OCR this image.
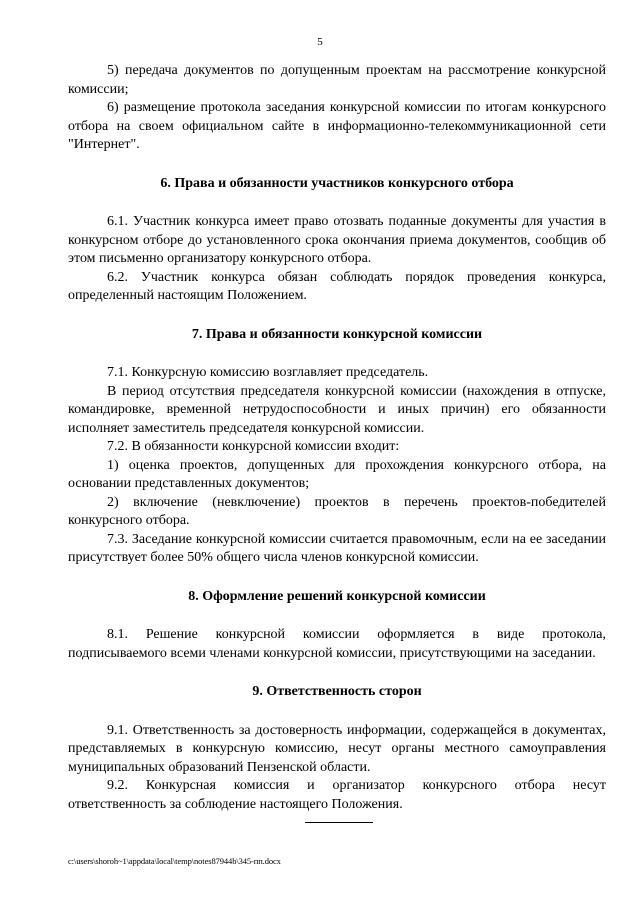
5

5) передача документов по допущенным проектам на рассмотрение конкурсной комиссии;

6) размещение протокола заседания конкурсной комиссии по итогам конкурсного отбора на своем официальном сайте в информационно-телекоммуникационной сети "Интернет".

6. Права и обязанности участников конкурсного отбора

6.1. Участник конкурса имеет право отозвать поданные документы для участия в конкурсном отборе до установленного срока окончания приема документов, сообщив об этом письменно организатору конкурсного отбора.

6.2. Участник конкурса обязан соблюдать порядок проведения конкурса, определенный настоящим Положением.

7. Права и обязанности конкурсной комиссии

7.1. Конкурсную комиссию возглавляет председатель.

В период отсутствия председателя конкурсной комиссии (нахождения в отпуске, командировке, временной нетрудоспособности и иных причин) его обязанности исполняет заместитель председателя конкурсной комиссии.

7.2. В обязанности конкурсной комиссии входит:

1) оценка проектов, допущенных для прохождения конкурсного отбора, на основании представленных документов;

2) включение (невключение) проектов в перечень проектов-победителей конкурсного отбора.

7.3. Заседание конкурсной комиссии считается правомочным, если на ее заседании присутствует более 50% общего числа членов конкурсной комиссии.

8. Оформление решений конкурсной комиссии

8.1. Решение конкурсной комиссии оформляется в виде протокола, подписываемого всеми членами конкурсной комиссии, присутствующими на заседании.

9. Ответственность сторон

9.1. Ответственность за достоверность информации, содержащейся в документах, представляемых в конкурсную комиссию, несут органы местного самоуправления муниципальных образований Пензенской области.

9.2. Конкурсная комиссия и организатор конкурсного отбора несут ответственность за соблюдение настоящего Положения.

c:\users\shoroh~1\appdata\local\temp\notes87944b\345-пп.docx
